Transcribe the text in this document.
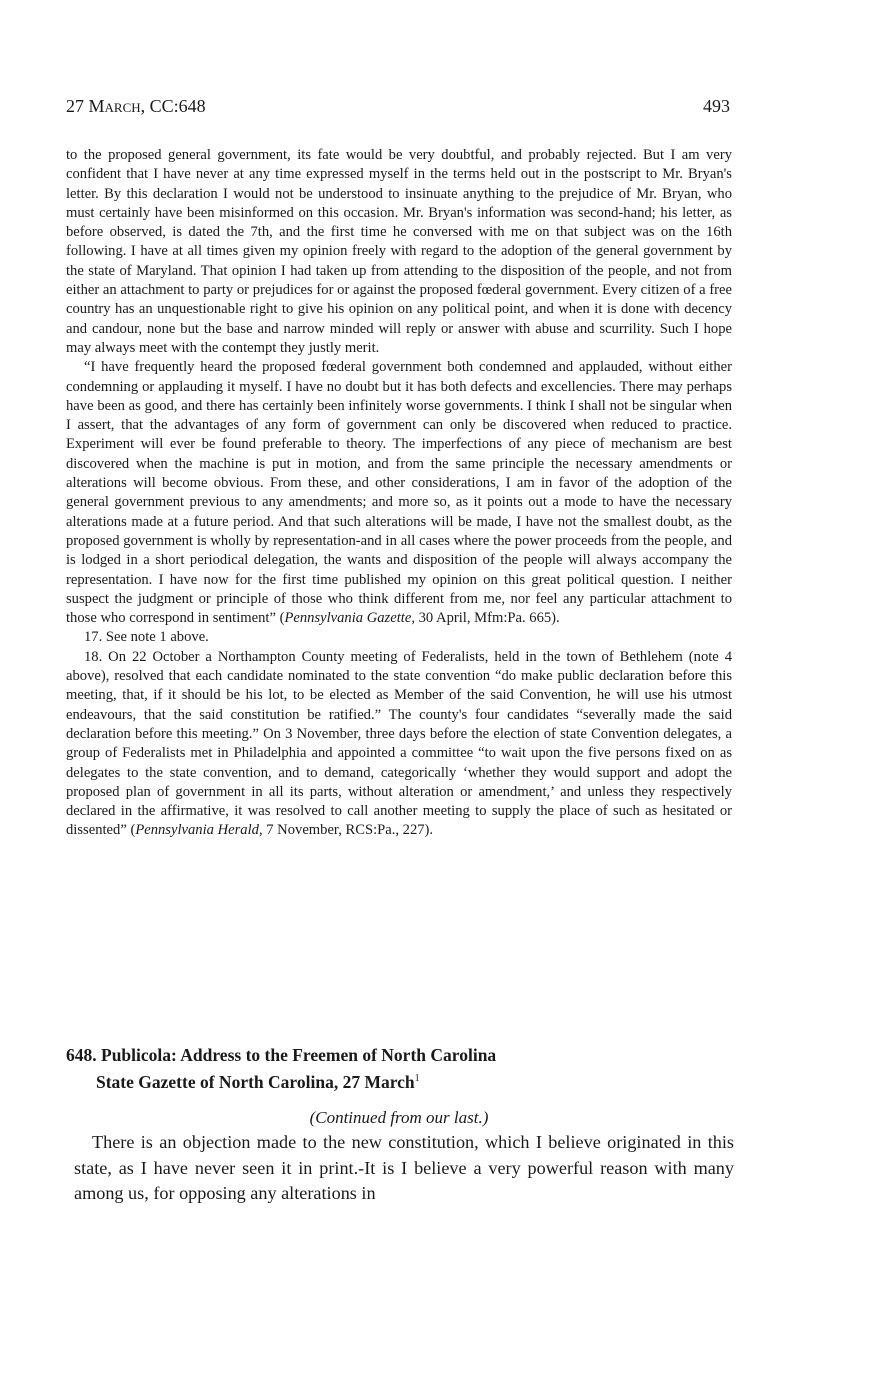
27 March, CC:648	493

to the proposed general government, its fate would be very doubtful, and probably rejected. But I am very confident that I have never at any time expressed myself in the terms held out in the postscript to Mr. Bryan's letter. By this declaration I would not be understood to insinuate anything to the prejudice of Mr. Bryan, who must certainly have been misinformed on this occasion. Mr. Bryan's information was second-hand; his letter, as before observed, is dated the 7th, and the first time he conversed with me on that subject was on the 16th following. I have at all times given my opinion freely with regard to the adoption of the general government by the state of Maryland. That opinion I had taken up from attending to the disposition of the people, and not from either an attachment to party or prejudices for or against the proposed fœderal government. Every citizen of a free country has an unquestionable right to give his opinion on any political point, and when it is done with decency and candour, none but the base and narrow minded will reply or answer with abuse and scurrility. Such I hope may always meet with the contempt they justly merit.

“I have frequently heard the proposed fœderal government both condemned and applauded, without either condemning or applauding it myself. I have no doubt but it has both defects and excellencies. There may perhaps have been as good, and there has certainly been infinitely worse governments. I think I shall not be singular when I assert, that the advantages of any form of government can only be discovered when reduced to practice. Experiment will ever be found preferable to theory. The imperfections of any piece of mechanism are best discovered when the machine is put in motion, and from the same principle the necessary amendments or alterations will become obvious. From these, and other considerations, I am in favor of the adoption of the general government previous to any amendments; and more so, as it points out a mode to have the necessary alterations made at a future period. And that such alterations will be made, I have not the smallest doubt, as the proposed government is wholly by representation-and in all cases where the power proceeds from the people, and is lodged in a short periodical delegation, the wants and disposition of the people will always accompany the representation. I have now for the first time published my opinion on this great political question. I neither suspect the judgment or principle of those who think different from me, nor feel any particular attachment to those who correspond in sentiment” (Pennsylvania Gazette, 30 April, Mfm:Pa. 665).

17. See note 1 above.

18. On 22 October a Northampton County meeting of Federalists, held in the town of Bethlehem (note 4 above), resolved that each candidate nominated to the state convention “do make public declaration before this meeting, that, if it should be his lot, to be elected as Member of the said Convention, he will use his utmost endeavours, that the said constitution be ratified.” The county's four candidates “severally made the said declaration before this meeting.” On 3 November, three days before the election of state Convention delegates, a group of Federalists met in Philadelphia and appointed a committee “to wait upon the five persons fixed on as delegates to the state convention, and to demand, categorically ‘whether they would support and adopt the proposed plan of government in all its parts, without alteration or amendment,’ and unless they respectively declared in the affirmative, it was resolved to call another meeting to supply the place of such as hesitated or dissented” (Pennsylvania Herald, 7 November, RCS:Pa., 227).

648. Publicola: Address to the Freemen of North Carolina
State Gazette of North Carolina, 27 March$^1$
(Continued from our last.)

There is an objection made to the new constitution, which I believe originated in this state, as I have never seen it in print.-It is I believe a very powerful reason with many among us, for opposing any alterations in
